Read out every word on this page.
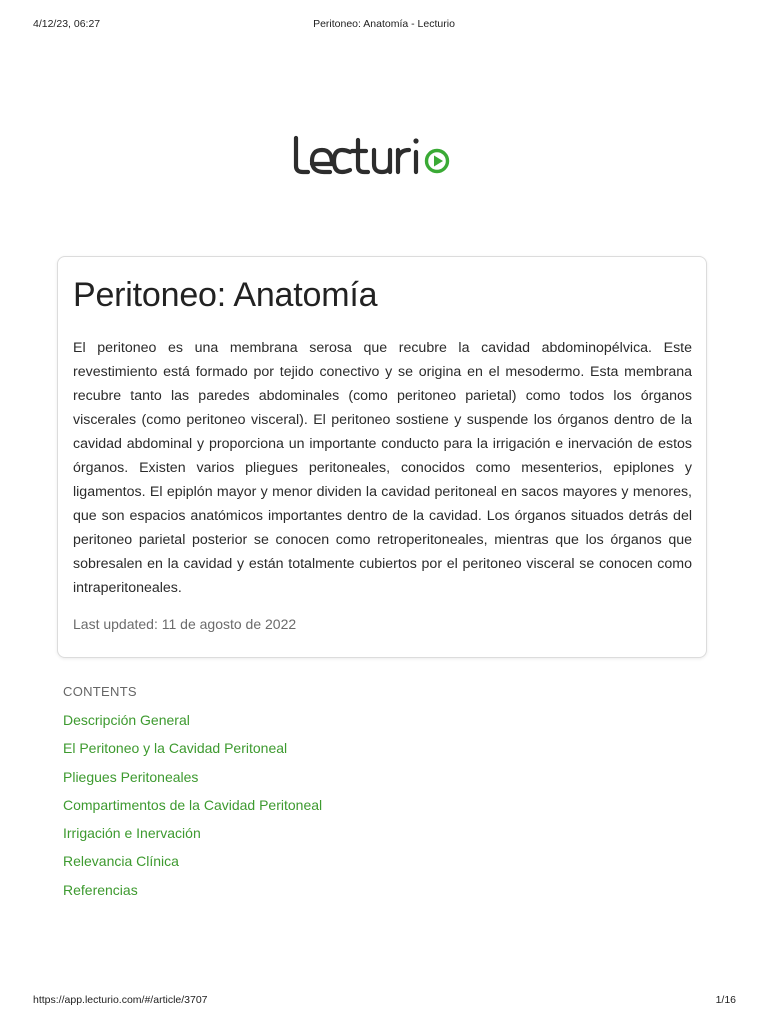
4/12/23, 06:27	Peritoneo: Anatomía - Lecturio
Peritoneo: Anatomía

El peritoneo es una membrana serosa que recubre la cavidad abdominopélvica. Este revestimiento está formado por tejido conectivo y se origina en el mesodermo. Esta membrana recubre tanto las paredes abdominales (como peritoneo parietal) como todos los órganos viscerales (como peritoneo visceral). El peritoneo sostiene y suspende los órganos dentro de la cavidad abdominal y proporciona un importante conducto para la irrigación e inervación de estos órganos. Existen varios pliegues peritoneales, conocidos como mesenterios, epiplones y ligamentos. El epiplón mayor y menor dividen la cavidad peritoneal en sacos mayores y menores, que son espacios anatómicos importantes dentro de la cavidad. Los órganos situados detrás del peritoneo parietal posterior se conocen como retroperitoneales, mientras que los órganos que sobresalen en la cavidad y están totalmente cubiertos por el peritoneo visceral se conocen como intraperitoneales.

Last updated: 11 de agosto de 2022
CONTENTS
Descripción General
El Peritoneo y la Cavidad Peritoneal
Pliegues Peritoneales
Compartimentos de la Cavidad Peritoneal
Irrigación e Inervación
Relevancia Clínica
Referencias
https://app.lecturio.com/#/article/3707	1/16
